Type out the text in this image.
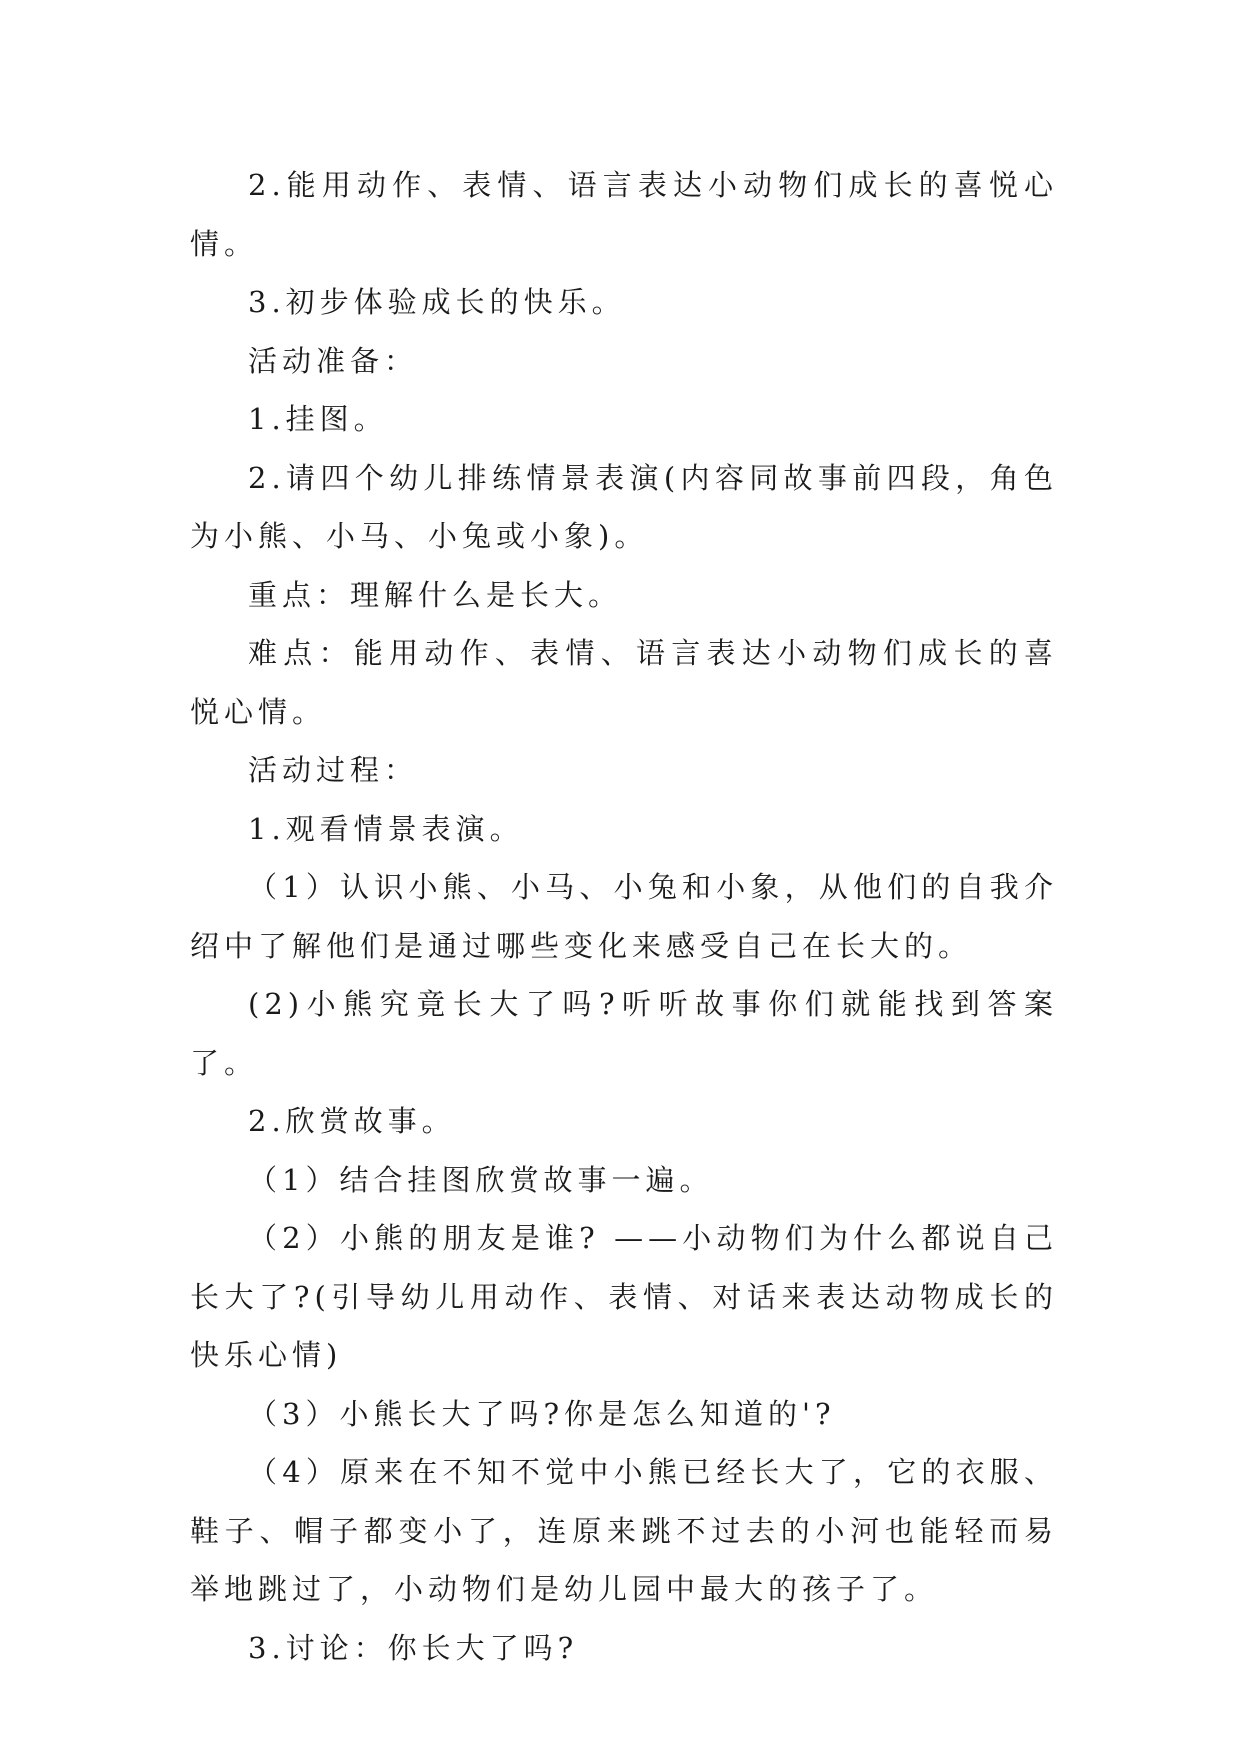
2.能用动作、表情、语言表达小动物们成长的喜悦心情。

3.初步体验成长的快乐。

活动准备：

1.挂图。

2.请四个幼儿排练情景表演(内容同故事前四段，角色为小熊、小马、小兔或小象)。

重点：理解什么是长大。

难点：能用动作、表情、语言表达小动物们成长的喜悦心情。

活动过程：

1.观看情景表演。

（1）认识小熊、小马、小兔和小象，从他们的自我介绍中了解他们是通过哪些变化来感受自己在长大的。

(2)小熊究竟长大了吗?听听故事你们就能找到答案了。

2.欣赏故事。

（1）结合挂图欣赏故事一遍。

（2）小熊的朋友是谁? ——小动物们为什么都说自己长大了?(引导幼儿用动作、表情、对话来表达动物成长的快乐心情)

（3）小熊长大了吗?你是怎么知道的'?

（4）原来在不知不觉中小熊已经长大了，它的衣服、鞋子、帽子都变小了，连原来跳不过去的小河也能轻而易举地跳过了，小动物们是幼儿园中最大的孩子了。

3.讨论：你长大了吗?
